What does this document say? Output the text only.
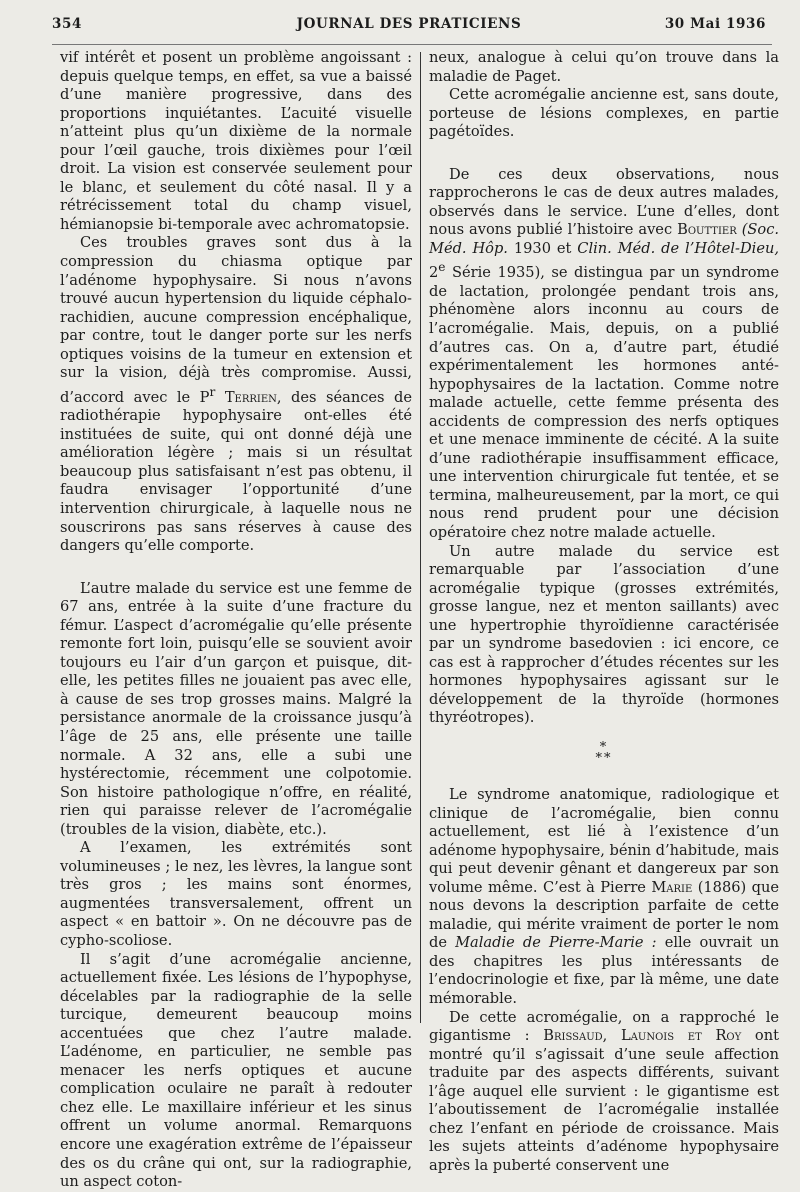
354	JOURNAL DES PRATICIENS	30 Mai 1936

vif intérêt et posent un problème angoissant : depuis quelque temps, en effet, sa vue a baissé d’une manière progressive, dans des proportions inquiétantes. L’acuité visuelle n’atteint plus qu’un dixième de la normale pour l’œil gauche, trois dixièmes pour l’œil droit. La vision est conservée seulement pour le blanc, et seulement du côté nasal. Il y a rétrécissement total du champ visuel, hémianopsie bi-temporale avec achromatopsie.

Ces troubles graves sont dus à la compression du chiasma optique par l’adénome hypophysaire. Si nous n’avons trouvé aucun hypertension du liquide céphalo-rachidien, aucune compression encéphalique, par contre, tout le danger porte sur les nerfs optiques voisins de la tumeur en extension et sur la vision, déjà très compromise. Aussi, d’accord avec le $P^r$ Terrien, des séances de radiothérapie hypophysaire ont-elles été instituées de suite, qui ont donné déjà une amélioration légère ; mais si un résultat beaucoup plus satisfaisant n’est pas obtenu, il faudra envisager l’opportunité d’une intervention chirurgicale, à laquelle nous ne souscrirons pas sans réserves à cause des dangers qu’elle comporte.

L’autre malade du service est une femme de 67 ans, entrée à la suite d’une fracture du fémur. L’aspect d’acromégalie qu’elle présente remonte fort loin, puisqu’elle se souvient avoir toujours eu l’air d’un garçon et puisque, dit-elle, les petites filles ne jouaient pas avec elle, à cause de ses trop grosses mains. Malgré la persistance anormale de la croissance jusqu’à l’âge de 25 ans, elle présente une taille normale. A 32 ans, elle a subi une hystérectomie, récemment une colpotomie. Son histoire pathologique n’offre, en réalité, rien qui paraisse relever de l’acromégalie (troubles de la vision, diabète, etc.).

A l’examen, les extrémités sont volumineuses ; le nez, les lèvres, la langue sont très gros ; les mains sont énormes, augmentées transversalement, offrent un aspect « en battoir ». On ne découvre pas de cypho-scoliose.

Il s’agit d’une acromégalie ancienne, actuellement fixée. Les lésions de l’hypophyse, décelables par la radiographie de la selle turcique, demeurent beaucoup moins accentuées que chez l’autre malade. L’adénome, en particulier, ne semble pas menacer les nerfs optiques et aucune complication oculaire ne paraît à redouter chez elle. Le maxillaire inférieur et les sinus offrent un volume anormal. Remarquons encore une exagération extrême de l’épaisseur des os du crâne qui ont, sur la radiographie, un aspect coton-

neux, analogue à celui qu’on trouve dans la maladie de Paget.

Cette acromégalie ancienne est, sans doute, porteuse de lésions complexes, en partie pagétoïdes.

De ces deux observations, nous rapprocherons le cas de deux autres malades, observés dans le service. L’une d’elles, dont nous avons publié l’histoire avec Bouttier (Soc. Méd. Hôp. 1930 et Clin. Méd. de l’Hôtel-Dieu, 2e Série 1935), se distingua par un syndrome de lactation, prolongée pendant trois ans, phénomène alors inconnu au cours de l’acromégalie. Mais, depuis, on a publié d’autres cas. On a, d’autre part, étudié expérimentalement les hormones anté-hypophysaires de la lactation. Comme notre malade actuelle, cette femme présenta des accidents de compression des nerfs optiques et une menace imminente de cécité. A la suite d’une radiothérapie insuffisamment efficace, une intervention chirurgicale fut tentée, et se termina, malheureusement, par la mort, ce qui nous rend prudent pour une décision opératoire chez notre malade actuelle.

Un autre malade du service est remarquable par l’association d’une acromégalie typique (grosses extrémités, grosse langue, nez et menton saillants) avec une hypertrophie thyroïdienne caractérisée par un syndrome basedovien : ici encore, ce cas est à rapprocher d’études récentes sur les hormones hypophysaires agissant sur le développement de la thyroïde (hormones thyréotropes).

*
**

Le syndrome anatomique, radiologique et clinique de l’acromégalie, bien connu actuellement, est lié à l’existence d’un adénome hypophysaire, bénin d’habitude, mais qui peut devenir gênant et dangereux par son volume même. C’est à Pierre Marie (1886) que nous devons la description parfaite de cette maladie, qui mérite vraiment de porter le nom de Maladie de Pierre-Marie : elle ouvrait un des chapitres les plus intéressants de l’endocrinologie et fixe, par là même, une date mémorable.

De cette acromégalie, on a rapproché le gigantisme : Brissaud, Launois et Roy ont montré qu’il s’agissait d’une seule affection traduite par des aspects différents, suivant l’âge auquel elle survient : le gigantisme est l’aboutissement de l’acromégalie installée chez l’enfant en période de croissance. Mais les sujets atteints d’adénome hypophysaire après la puberté conservent une
